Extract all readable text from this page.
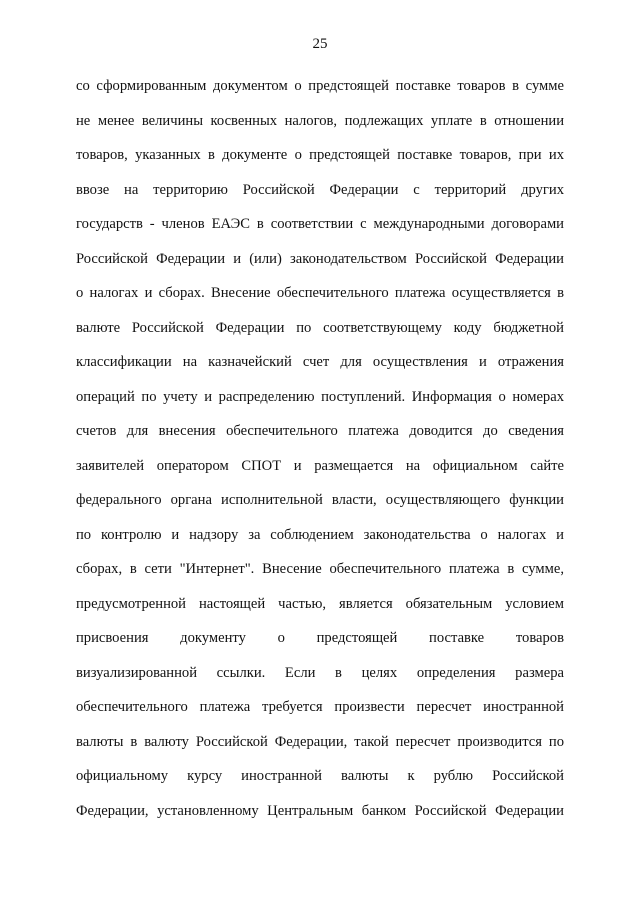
25
со сформированным документом о предстоящей поставке товаров в сумме
не менее величины косвенных налогов, подлежащих уплате в отношении
товаров, указанных в документе о предстоящей поставке товаров, при их
ввозе на территорию Российской Федерации с территорий других
государств - членов ЕАЭС в соответствии с международными договорами
Российской Федерации и (или) законодательством Российской Федерации
о налогах и сборах. Внесение обеспечительного платежа осуществляется в
валюте Российской Федерации по соответствующему коду бюджетной
классификации на казначейский счет для осуществления и отражения
операций по учету и распределению поступлений. Информация о номерах
счетов для внесения обеспечительного платежа доводится до сведения
заявителей оператором СПОТ и размещается на официальном сайте
федерального органа исполнительной власти, осуществляющего функции
по контролю и надзору за соблюдением законодательства о налогах и
сборах, в сети "Интернет". Внесение обеспечительного платежа в сумме,
предусмотренной настоящей частью, является обязательным условием
присвоения документу о предстоящей поставке товаров
визуализированной ссылки. Если в целях определения размера
обеспечительного платежа требуется произвести пересчет иностранной
валюты в валюту Российской Федерации, такой пересчет производится по
официальному курсу иностранной валюты к рублю Российской
Федерации, установленному Центральным банком Российской Федерации
